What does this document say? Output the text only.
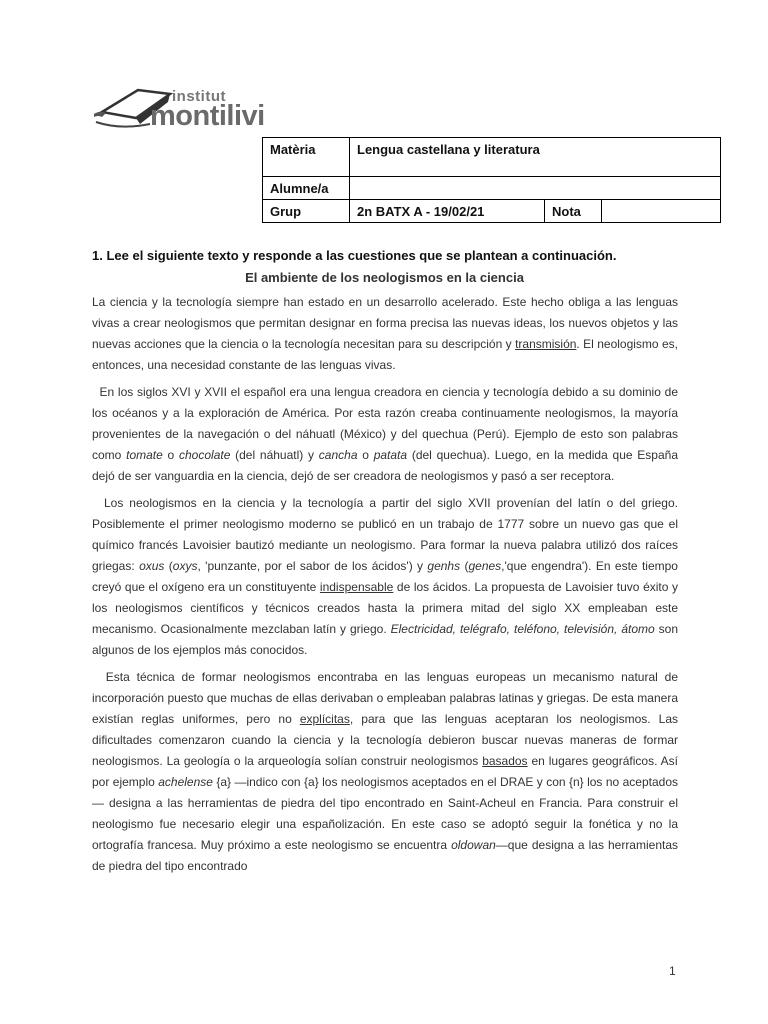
institut
montilivi
Matèria	Lengua castellana y literatura		
Alumne/a			
Grup	2n BATX A - 19/02/21	Nota	
1. Lee el siguiente texto y responde a las cuestiones que se plantean a continuación.
El ambiente de los neologismos en la ciencia

La ciencia y la tecnología siempre han estado en un desarrollo acelerado. Este hecho obliga a las lenguas vivas a crear neologismos que permitan designar en forma precisa las nuevas ideas, los nuevos objetos y las nuevas acciones que la ciencia o la tecnología necesitan para su descripción y transmisión. El neologismo es, entonces, una necesidad constante de las lenguas vivas.

En los siglos XVI y XVII el español era una lengua creadora en ciencia y tecnología debido a su dominio de los océanos y a la exploración de América. Por esta razón creaba continuamente neologismos, la mayoría provenientes de la navegación o del náhuatl (México) y del quechua (Perú). Ejemplo de esto son palabras como tomate o chocolate (del náhuatl) y cancha o patata (del quechua). Luego, en la medida que España dejó de ser vanguardia en la ciencia, dejó de ser creadora de neologismos y pasó a ser receptora.

Los neologismos en la ciencia y la tecnología a partir del siglo XVII provenían del latín o del griego. Posiblemente el primer neologismo moderno se publicó en un trabajo de 1777 sobre un nuevo gas que el químico francés Lavoisier bautizó mediante un neologismo. Para formar la nueva palabra utilizó dos raíces griegas: oxus (oxys, 'punzante, por el sabor de los ácidos') y genhs (genes,'que engendra'). En este tiempo creyó que el oxígeno era un constituyente indispensable de los ácidos. La propuesta de Lavoisier tuvo éxito y los neologismos científicos y técnicos creados hasta la primera mitad del siglo XX empleaban este mecanismo. Ocasionalmente mezclaban latín y griego. Electricidad, telégrafo, teléfono, televisión, átomo son algunos de los ejemplos más conocidos.

Esta técnica de formar neologismos encontraba en las lenguas europeas un mecanismo natural de incorporación puesto que muchas de ellas derivaban o empleaban palabras latinas y griegas. De esta manera existían reglas uniformes, pero no explícitas, para que las lenguas aceptaran los neologismos. Las dificultades comenzaron cuando la ciencia y la tecnología debieron buscar nuevas maneras de formar neologismos. La geología o la arqueología solían construir neologismos basados en lugares geográficos. Así por ejemplo achelense {a} —indico con {a} los neologismos aceptados en el DRAE y con {n} los no aceptados— designa a las herramientas de piedra del tipo encontrado en Saint-Acheul en Francia. Para construir el neologismo fue necesario elegir una españolización. En este caso se adoptó seguir la fonética y no la ortografía francesa. Muy próximo a este neologismo se encuentra oldowan—que designa a las herramientas de piedra del tipo encontrado

1
